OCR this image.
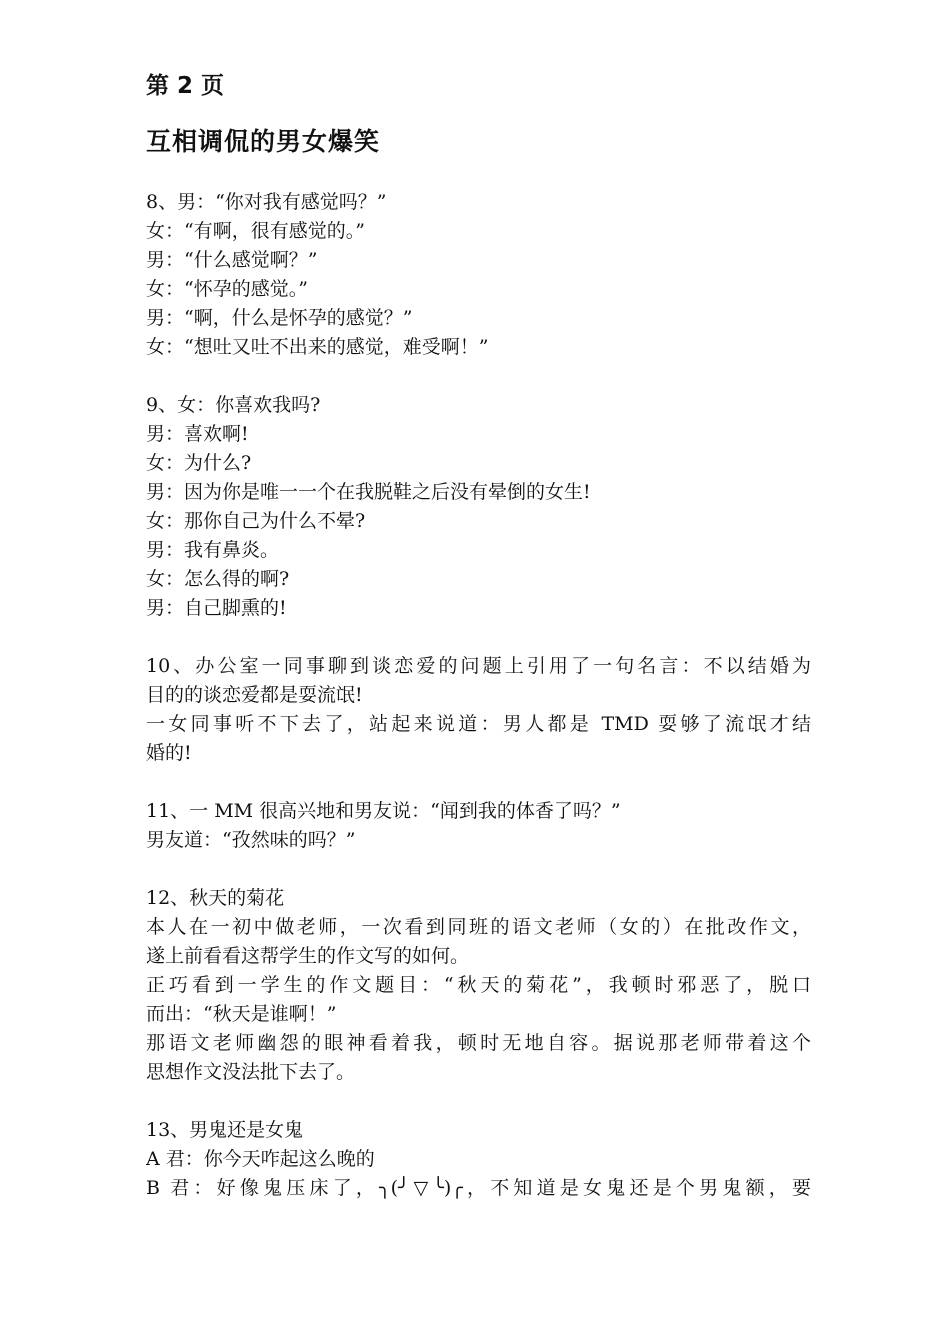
第 2 页
互相调侃的男女爆笑
8、男：“你对我有感觉吗？”
女：“有啊，很有感觉的。”
男：“什么感觉啊？”
女：“怀孕的感觉。”
男：“啊，什么是怀孕的感觉？”
女：“想吐又吐不出来的感觉，难受啊！”
9、女：你喜欢我吗?
男：喜欢啊!
女：为什么?
男：因为你是唯一一个在我脱鞋之后没有晕倒的女生!
女：那你自己为什么不晕?
男：我有鼻炎。
女：怎么得的啊?
男：自己脚熏的!
10、办公室一同事聊到谈恋爱的问题上引用了一句名言：不以结婚为
目的的谈恋爱都是耍流氓!
一女同事听不下去了，站起来说道：男人都是 TMD 耍够了流氓才结
婚的!
11、一 MM 很高兴地和男友说：“闻到我的体香了吗？”
男友道：“孜然味的吗？”
12、秋天的菊花
本人在一初中做老师，一次看到同班的语文老师（女的）在批改作文，
遂上前看看这帮学生的作文写的如何。
正巧看到一学生的作文题目：“秋天的菊花”，我顿时邪恶了，脱口
而出：“秋天是谁啊！”
那语文老师幽怨的眼神看着我，顿时无地自容。据说那老师带着这个
思想作文没法批下去了。
13、男鬼还是女鬼
A 君：你今天咋起这么晚的
B 君：好像鬼压床了，╮(╯▽╰)╭，不知道是女鬼还是个男鬼额，要
